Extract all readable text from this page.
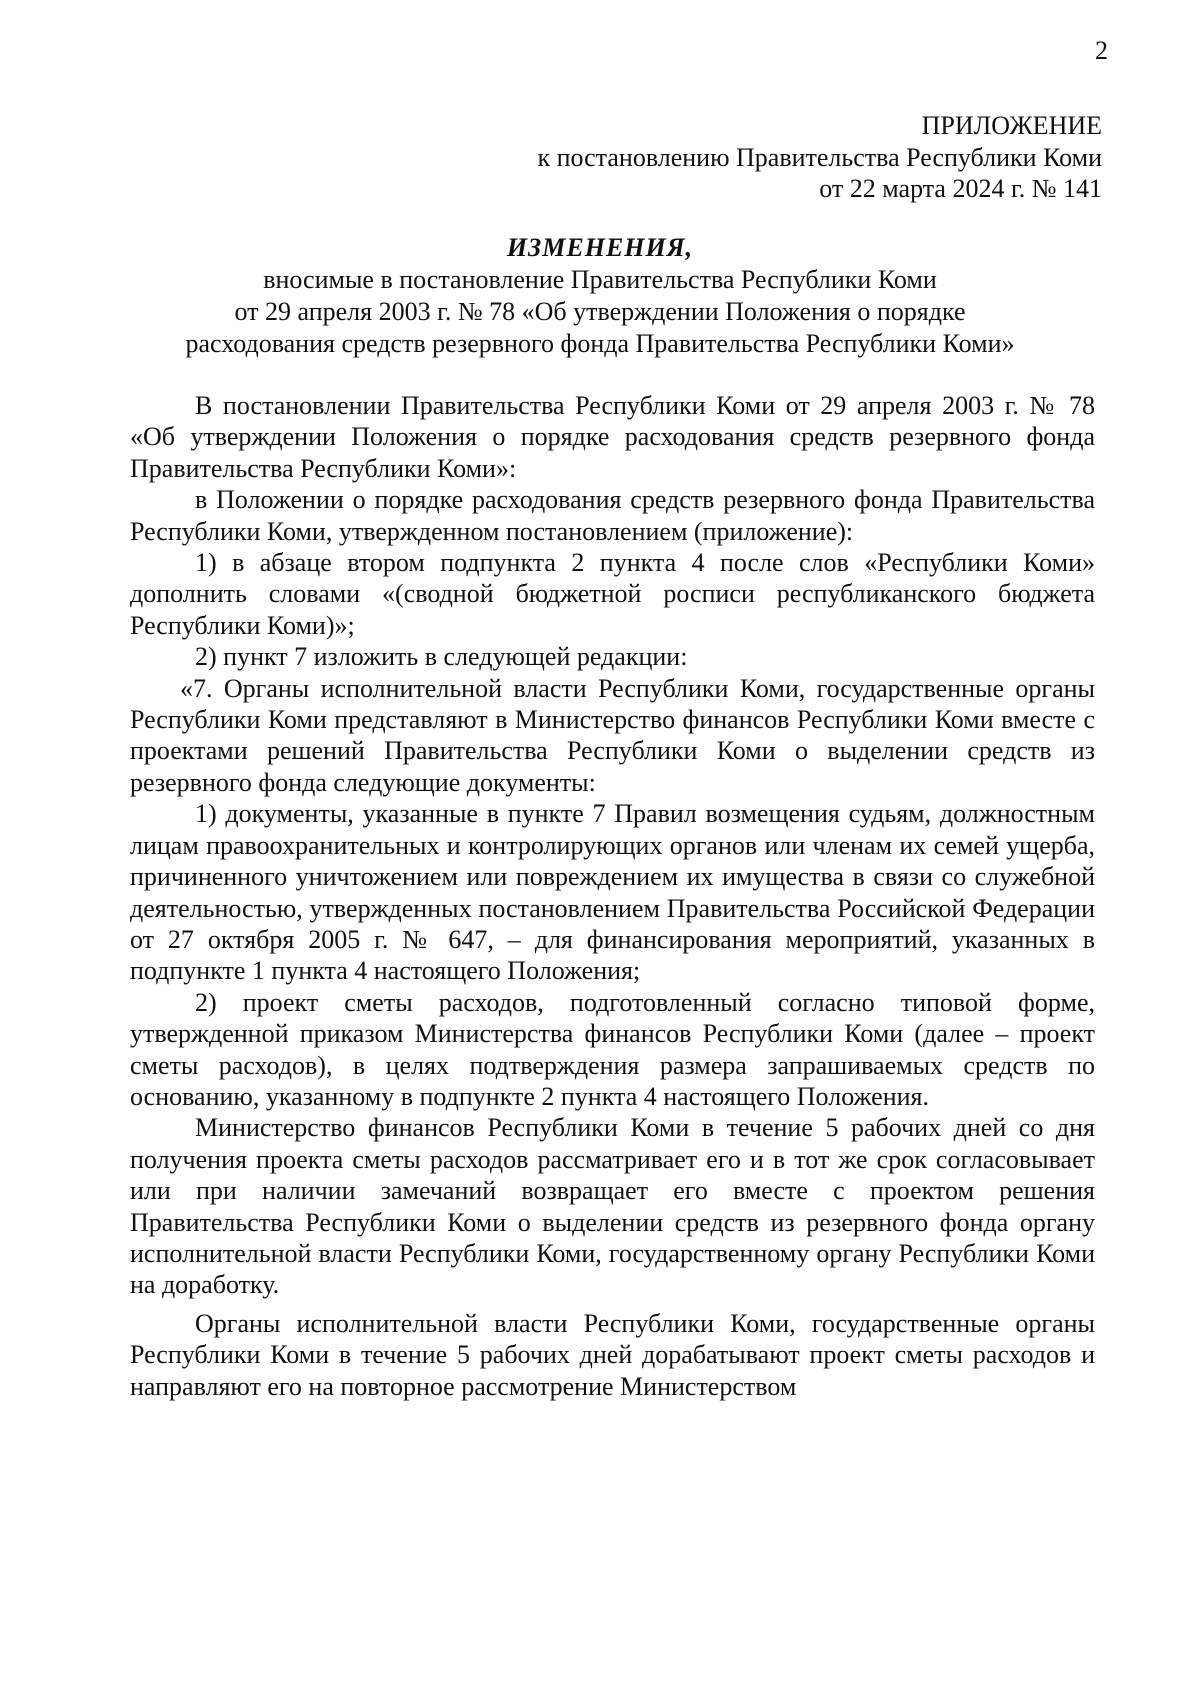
2
ПРИЛОЖЕНИЕ
к постановлению Правительства Республики Коми
от 22 марта 2024 г. № 141
ИЗМЕНЕНИЯ,
вносимые в постановление Правительства Республики Коми
от 29 апреля 2003 г. № 78 «Об утверждении Положения о порядке
расходования средств резервного фонда Правительства Республики Коми»

В постановлении Правительства Республики Коми от 29 апреля 2003 г. № 78 «Об утверждении Положения о порядке расходования средств резервного фонда Правительства Республики Коми»:

в Положении о порядке расходования средств резервного фонда Правительства Республики Коми, утвержденном постановлением (приложение):

1) в абзаце втором подпункта 2 пункта 4 после слов «Республики Коми» дополнить словами «(сводной бюджетной росписи республиканского бюджета Республики Коми)»;

2) пункт 7 изложить в следующей редакции:

«7. Органы исполнительной власти Республики Коми, государственные органы Республики Коми представляют в Министерство финансов Республики Коми вместе с проектами решений Правительства Республики Коми о выделении средств из резервного фонда следующие документы:

1) документы, указанные в пункте 7 Правил возмещения судьям, должностным лицам правоохранительных и контролирующих органов или членам их семей ущерба, причиненного уничтожением или повреждением их имущества в связи со служебной деятельностью, утвержденных постановлением Правительства Российской Федерации от 27 октября 2005 г. № 647, – для финансирования мероприятий, указанных в подпункте 1 пункта 4 настоящего Положения;

2) проект сметы расходов, подготовленный согласно типовой форме, утвержденной приказом Министерства финансов Республики Коми (далее – проект сметы расходов), в целях подтверждения размера запрашиваемых средств по основанию, указанному в подпункте 2 пункта 4 настоящего Положения.

Министерство финансов Республики Коми в течение 5 рабочих дней со дня получения проекта сметы расходов рассматривает его и в тот же срок согласовывает или при наличии замечаний возвращает его вместе с проектом решения Правительства Республики Коми о выделении средств из резервного фонда органу исполнительной власти Республики Коми, государственному органу Республики Коми на доработку.

Органы исполнительной власти Республики Коми, государственные органы Республики Коми в течение 5 рабочих дней дорабатывают проект сметы расходов и направляют его на повторное рассмотрение Министерством
